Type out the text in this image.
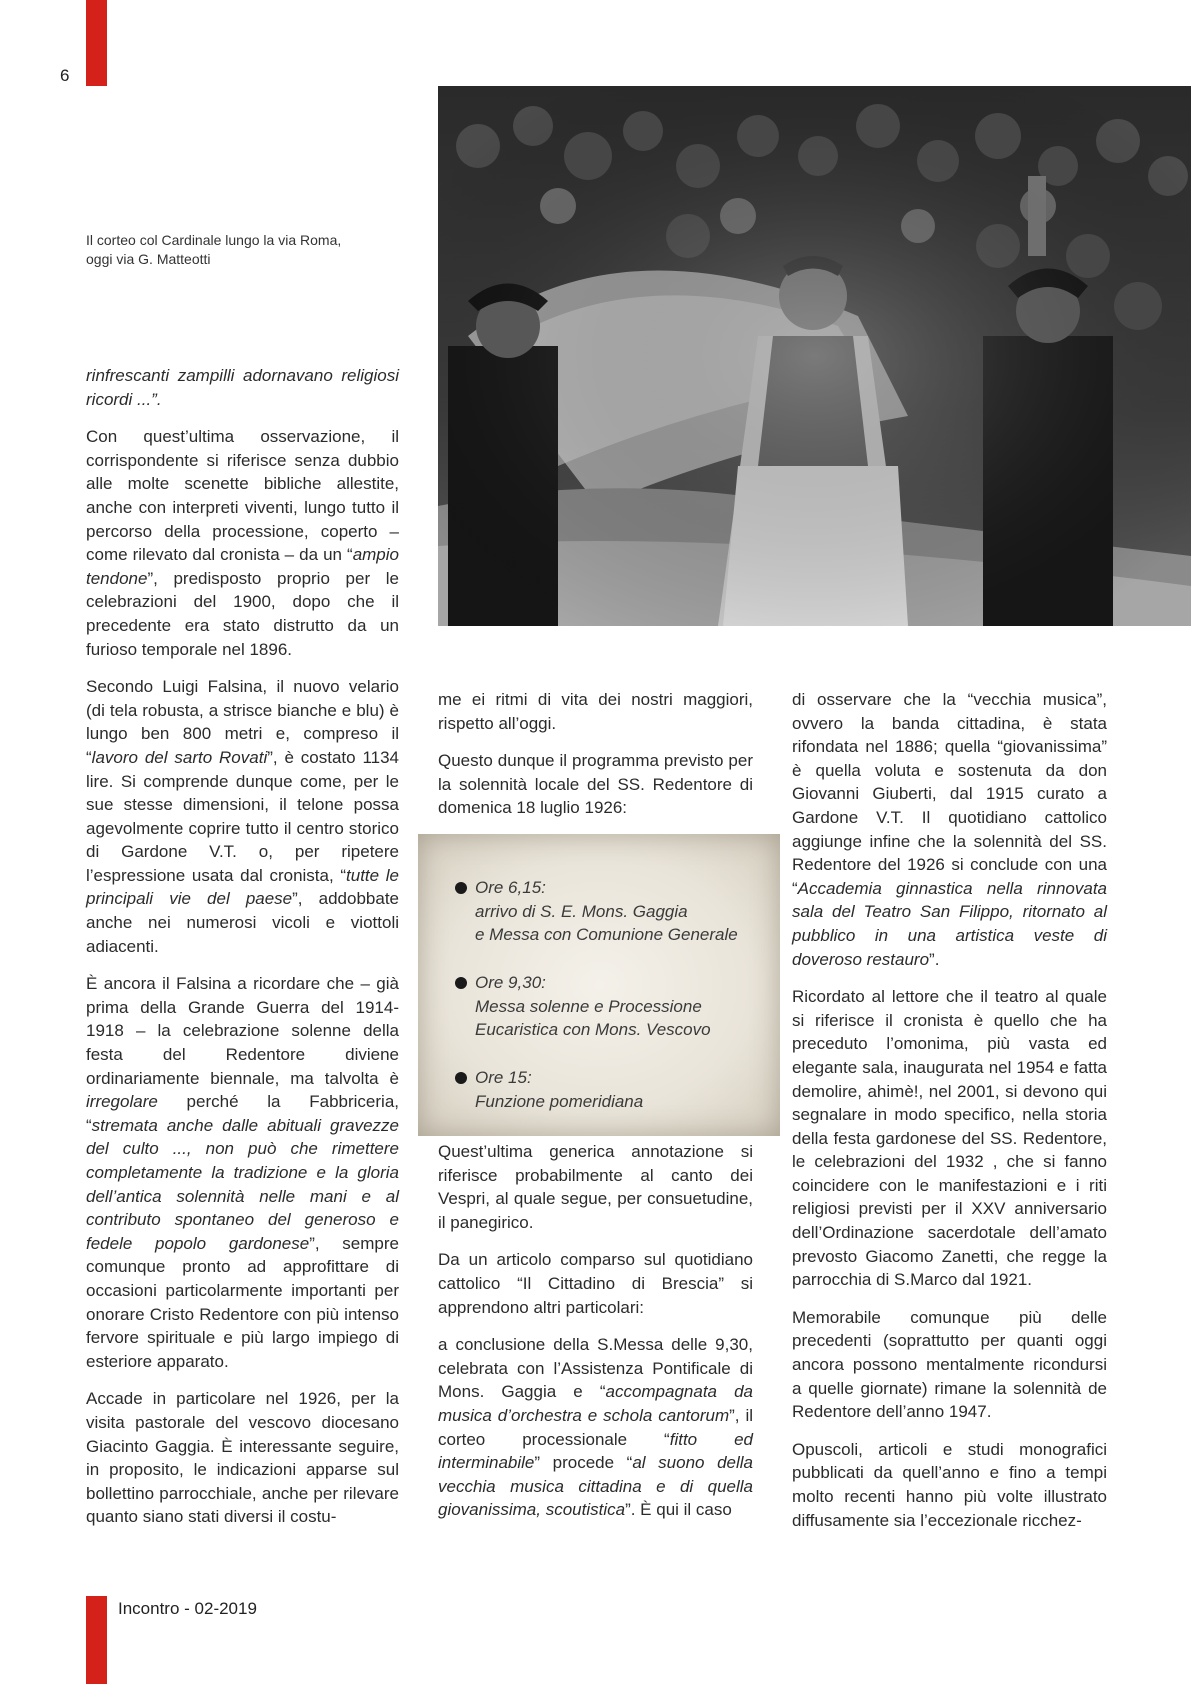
6
Il corteo col Cardinale lungo la via Roma,
oggi via G. Matteotti

rinfrescanti zampilli adornavano religiosi ricordi ...”.

Con quest’ultima osservazione, il corrispondente si riferisce senza dubbio alle molte scenette bibliche allestite, anche con interpreti viventi, lungo tutto il percorso della processione, coperto – come rilevato dal cronista – da un “ampio tendone”, predisposto proprio per le celebrazioni del 1900, dopo che il precedente era stato distrutto da un furioso temporale nel 1896.

Secondo Luigi Falsina, il nuovo velario (di tela robusta, a strisce bianche e blu) è lungo ben 800 metri e, compreso il “lavoro del sarto Rovati”, è costato 1134 lire. Si comprende dunque come, per le sue stesse dimensioni, il telone possa agevolmente coprire tutto il centro storico di Gardone V.T. o, per ripetere l’espressione usata dal cronista, “tutte le principali vie del paese”, addobbate anche nei numerosi vicoli e viottoli adiacenti.

È ancora il Falsina a ricordare che – già prima della Grande Guerra del 1914-1918 – la celebrazione solenne della festa del Redentore diviene ordinariamente biennale, ma talvolta è irregolare perché la Fabbriceria, “stremata anche dalle abituali gravezze del culto ..., non può che rimettere completamente la tradizione e la gloria dell’antica solennità nelle mani e al contributo spontaneo del generoso e fedele popolo gardonese”, sempre comunque pronto ad approfittare di occasioni particolarmente importanti per onorare Cristo Redentore con più intenso fervore spirituale e più largo impiego di esteriore apparato.

Accade in particolare nel 1926, per la visita pastorale del vescovo diocesano Giacinto Gaggia. È interessante seguire, in proposito, le indicazioni apparse sul bollettino parrocchiale, anche per rilevare quanto siano stati diversi il costu-

me ei ritmi di vita dei nostri maggiori, rispetto all’oggi.

Questo dunque il programma previsto per la solennità locale del SS. Redentore di domenica 18 luglio 1926:

Quest’ultima generica annotazione si riferisce probabilmente al canto dei Vespri, al quale segue, per consuetudine, il panegirico.

Da un articolo comparso sul quotidiano cattolico “Il Cittadino di Brescia” si apprendono altri particolari:

a conclusione della S.Messa delle 9,30, celebrata con l’Assistenza Pontificale di Mons. Gaggia e “accompagnata da musica d’orchestra e schola cantorum”, il corteo processionale “fitto ed interminabile” procede “al suono della vecchia musica cittadina e di quella giovanissima, scoutistica”. È qui il caso

Ore 6,15:
arrivo di S. E. Mons. Gaggia
e Messa con Comunione Generale
Ore 9,30:
Messa solenne e Processione
Eucaristica con Mons. Vescovo
Ore 15:
Funzione pomeridiana

di osservare che la “vecchia musica”, ovvero la banda cittadina, è stata rifondata nel 1886; quella “giovanissima” è quella voluta e sostenuta da don Giovanni Giuberti, dal 1915 curato a Gardone V.T. Il quotidiano cattolico aggiunge infine che la solennità del SS. Redentore del 1926 si conclude con una “Accademia ginnastica nella rinnovata sala del Teatro San Filippo, ritornato al pubblico in una artistica veste di doveroso restauro”.

Ricordato al lettore che il teatro al quale si riferisce il cronista è quello che ha preceduto l’omonima, più vasta ed elegante sala, inaugurata nel 1954 e fatta demolire, ahimè!, nel 2001, si devono qui segnalare in modo specifico, nella storia della festa gardonese del SS. Redentore, le celebrazioni del 1932 , che si fanno coincidere con le manifestazioni e i riti religiosi previsti per il XXV anniversario dell’Ordinazione sacerdotale dell’amato prevosto Giacomo Zanetti, che regge la parrocchia di S.Marco dal 1921.

Memorabile comunque più delle precedenti (soprattutto per quanti oggi ancora possono mentalmente ricondursi a quelle giornate) rimane la solennità de Redentore dell’anno 1947.

Opuscoli, articoli e studi monografici pubblicati da quell’anno e fino a tempi molto recenti hanno più volte illustrato diffusamente sia l’eccezionale ricchez-

Incontro - 02-2019
